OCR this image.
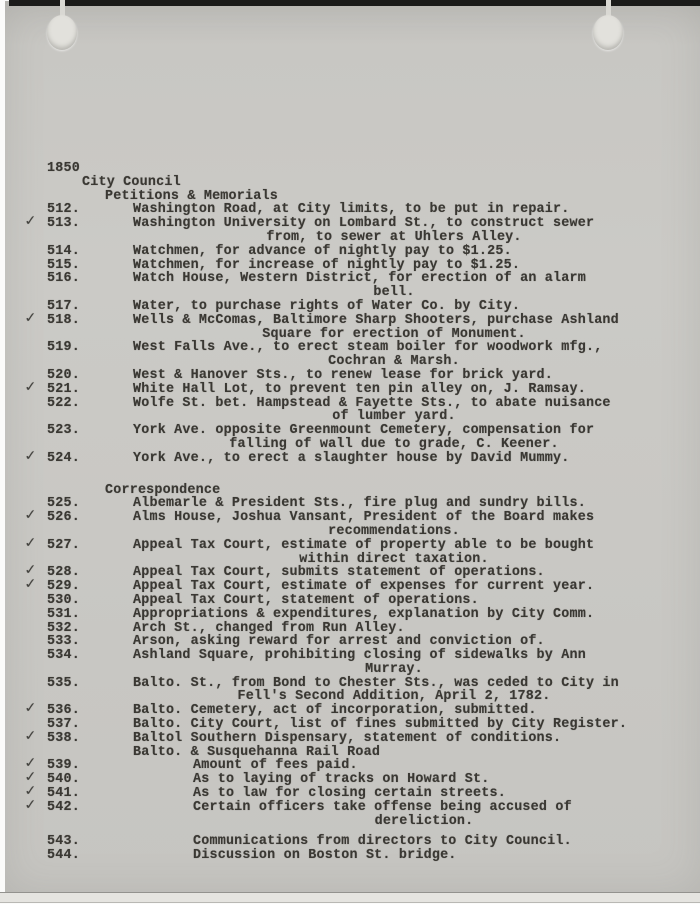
1850
City Council
Petitions & Memorials
512.	Washington Road, at City limits, to be put in repair.
✓ 513.	Washington University on Lombard St., to construct sewer
from, to sewer at Uhlers Alley.
514.	Watchmen, for advance of nightly pay to $1.25.
515.	Watchmen, for increase of nightly pay to $1.25.
516.	Watch House, Western District, for erection of an alarm
bell.
517.	Water, to purchase rights of Water Co. by City.
✓ 518.	Wells & McComas, Baltimore Sharp Shooters, purchase Ashland
Square for erection of Monument.
519.	West Falls Ave., to erect steam boiler for woodwork mfg.,
Cochran & Marsh.
520.	West & Hanover Sts., to renew lease for brick yard.
✓ 521.	White Hall Lot, to prevent ten pin alley on, J. Ramsay.
522.	Wolfe St. bet. Hampstead & Fayette Sts., to abate nuisance
of lumber yard.
523.	York Ave. opposite Greenmount Cemetery, compensation for
falling of wall due to grade, C. Keener.
✓ 524.	York Ave., to erect a slaughter house by David Mummy.
Correspondence
525.	Albemarle & President Sts., fire plug and sundry bills.
✓ 526.	Alms House, Joshua Vansant, President of the Board makes
recommendations.
✓ 527.	Appeal Tax Court, estimate of property able to be bought
within direct taxation.
✓ 528.	Appeal Tax Court, submits statement of operations.
✓ 529.	Appeal Tax Court, estimate of expenses for current year.
530.	Appeal Tax Court, statement of operations.
531.	Appropriations & expenditures, explanation by City Comm.
532.	Arch St., changed from Run Alley.
533.	Arson, asking reward for arrest and conviction of.
534.	Ashland Square, prohibiting closing of sidewalks by Ann
Murray.
535.	Balto. St., from Bond to Chester Sts., was ceded to City in
Fell's Second Addition, April 2, 1782.
✓ 536.	Balto. Cemetery, act of incorporation, submitted.
537.	Balto. City Court, list of fines submitted by City Register.
✓ 538.	Baltol Southern Dispensary, statement of conditions.
Balto. & Susquehanna Rail Road
✓ 539.	Amount of fees paid.
✓ 540.	As to laying of tracks on Howard St.
✓ 541.	As to law for closing certain streets.
✓ 542.	Certain officers take offense being accused of
dereliction.
543.	Communications from directors to City Council.
544.	Discussion on Boston St. bridge.
